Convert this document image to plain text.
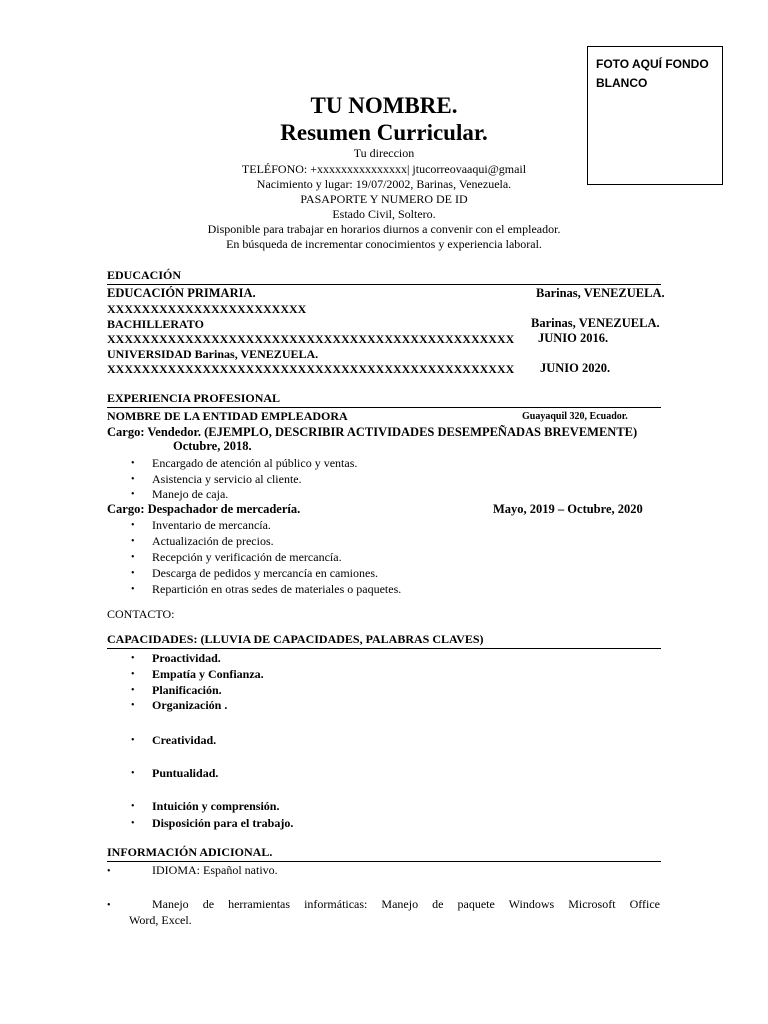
FOTO AQUÍ FONDO BLANCO
TU NOMBRE.
Resumen Curricular.
Tu direccion
TELÉFONO: +xxxxxxxxxxxxxxx| jtucorreovaaqui@gmail
Nacimiento y lugar: 19/07/2002, Barinas, Venezuela.
PASAPORTE Y NUMERO DE ID
Estado Civil, Soltero.
Disponible para trabajar en horarios diurnos a convenir con el empleador.
En búsqueda de incrementar conocimientos y experiencia laboral.
EDUCACIÓN
EDUCACIÓN PRIMARIA.	Barinas, VENEZUELA.
XXXXXXXXXXXXXXXXXXXXXXX
BACHILLERATO	Barinas, VENEZUELA.
XXXXXXXXXXXXXXXXXXXXXXXXXXXXXXXXXXXXXXXXXXXXXXX JUNIO 2016.
UNIVERSIDAD Barinas, VENEZUELA.
XXXXXXXXXXXXXXXXXXXXXXXXXXXXXXXXXXXXXXXXXXXXXXX JUNIO 2020.
EXPERIENCIA PROFESIONAL
NOMBRE DE LA ENTIDAD EMPLEADORA	Guayaquil 320, Ecuador.
Cargo: Vendedor. (EJEMPLO, DESCRIBIR ACTIVIDADES DESEMPEÑADAS BREVEMENTE)
Octubre, 2018.
• Encargado de atención al público y ventas.
• Asistencia y servicio al cliente.
• Manejo de caja.
Cargo: Despachador de mercadería.	Mayo, 2019 – Octubre, 2020
• Inventario de mercancía.
• Actualización de precios.
• Recepción y verificación de mercancía.
• Descarga de pedidos y mercancía en camiones.
• Repartición en otras sedes de materiales o paquetes.
CONTACTO:
CAPACIDADES: (LLUVIA DE CAPACIDADES, PALABRAS CLAVES)
• Proactividad.
• Empatía y Confianza.
• Planificación.
• Organización .
• Creatividad.
• Puntualidad.
• Intuición y comprensión.
• Disposición para el trabajo.
INFORMACIÓN ADICIONAL.
•	IDIOMA: Español nativo.
•	Manejo de herramientas informáticas: Manejo de paquete Windows Microsoft Office
Word, Excel.
